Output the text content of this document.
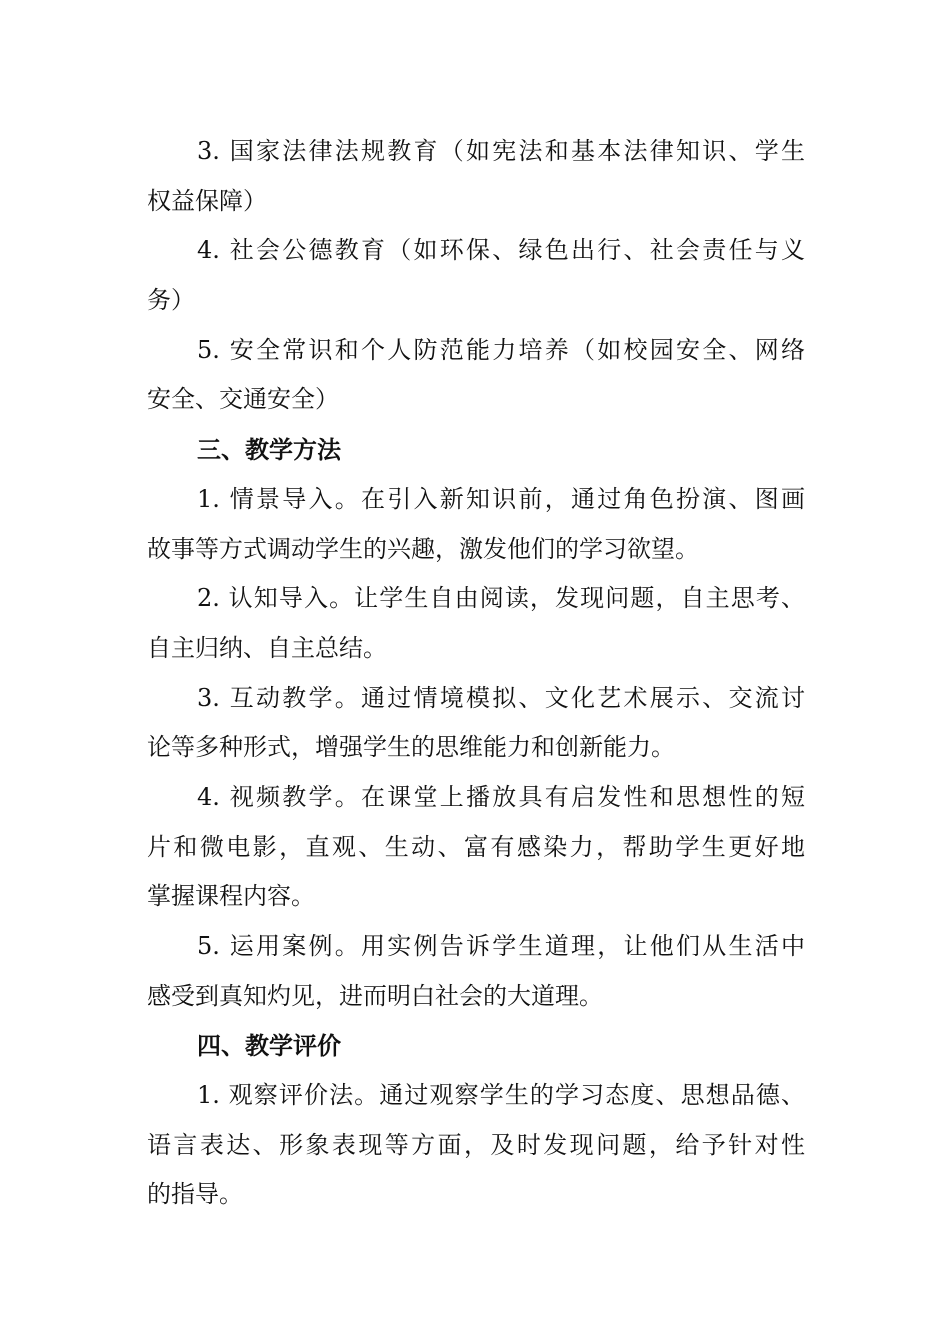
3. 国家法律法规教育（如宪法和基本法律知识、学生
权益保障）
4. 社会公德教育（如环保、绿色出行、社会责任与义
务）
5. 安全常识和个人防范能力培养（如校园安全、网络
安全、交通安全）
三、教学方法
1. 情景导入。在引入新知识前，通过角色扮演、图画
故事等方式调动学生的兴趣，激发他们的学习欲望。
2. 认知导入。让学生自由阅读，发现问题，自主思考、
自主归纳、自主总结。
3. 互动教学。通过情境模拟、文化艺术展示、交流讨
论等多种形式，增强学生的思维能力和创新能力。
4. 视频教学。在课堂上播放具有启发性和思想性的短
片和微电影，直观、生动、富有感染力，帮助学生更好地
掌握课程内容。
5. 运用案例。用实例告诉学生道理，让他们从生活中
感受到真知灼见，进而明白社会的大道理。
四、教学评价
1. 观察评价法。通过观察学生的学习态度、思想品德、
语言表达、形象表现等方面，及时发现问题，给予针对性
的指导。
